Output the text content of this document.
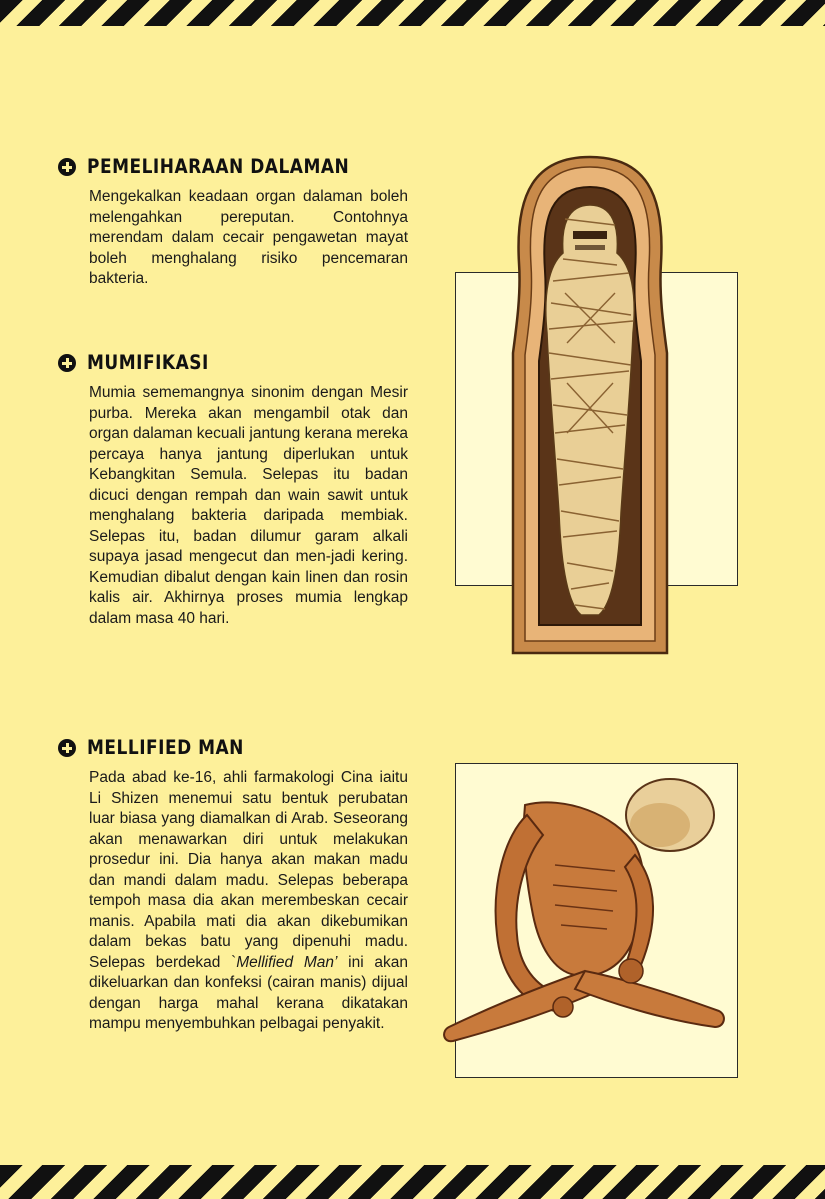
PEMELIHARAAN DALAMAN

Mengekalkan keadaan organ dalaman boleh melengahkan pereputan. Contohnya merendam dalam cecair pengawetan mayat boleh menghalang risiko pencemaran bakteria.

MUMIFIKASI

Mumia sememangnya sinonim dengan Mesir purba. Mereka akan mengambil otak dan organ dalaman kecuali jantung kerana mereka percaya hanya jantung diperlukan untuk Kebangkitan Semula. Selepas itu badan dicuci dengan rempah dan wain sawit untuk menghalang bakteria daripada membiak. Selepas itu, badan dilumur garam alkali supaya jasad mengecut dan men-jadi kering. Kemudian dibalut dengan kain linen dan rosin kalis air. Akhirnya proses mumia lengkap dalam masa 40 hari.

MELLIFIED MAN

Pada abad ke-16, ahli farmakologi Cina iaitu Li Shizen menemui satu bentuk perubatan luar biasa yang diamalkan di Arab. Seseorang akan menawarkan diri untuk melakukan prosedur ini. Dia hanya akan makan madu dan mandi dalam madu. Selepas beberapa tempoh masa dia akan merembeskan cecair manis. Apabila mati dia akan dikebumikan dalam bekas batu yang dipenuhi madu. Selepas berdekad `Mellified Man’ ini akan dikeluarkan dan konfeksi (cairan manis) dijual dengan harga mahal kerana dikatakan mampu menyembuhkan pelbagai penyakit.
